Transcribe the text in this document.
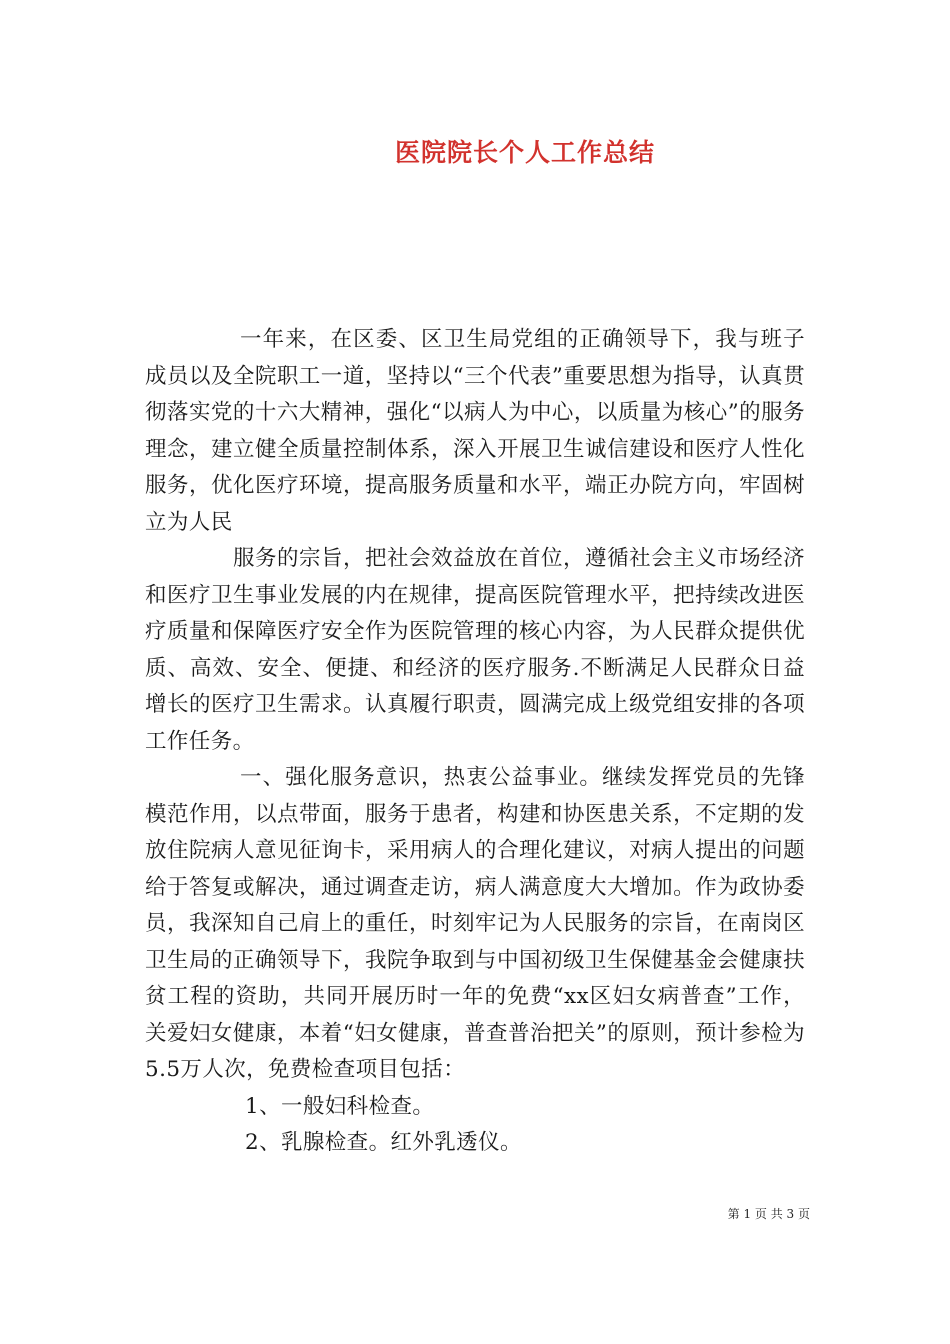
医院院长个人工作总结

一年来，在区委、区卫生局党组的正确领导下，我与班子成员以及全院职工一道，坚持以“三个代表”重要思想为指导，认真贯彻落实党的十六大精神，强化“以病人为中心，以质量为核心”的服务理念，建立健全质量控制体系，深入开展卫生诚信建设和医疗人性化服务，优化医疗环境，提高服务质量和水平，端正办院方向，牢固树立为人民

服务的宗旨，把社会效益放在首位，遵循社会主义市场经济和医疗卫生事业发展的内在规律，提高医院管理水平，把持续改进医疗质量和保障医疗安全作为医院管理的核心内容，为人民群众提供优质、高效、安全、便捷、和经济的医疗服务.不断满足人民群众日益增长的医疗卫生需求。认真履行职责，圆满完成上级党组安排的各项工作任务。

一、强化服务意识，热衷公益事业。继续发挥党员的先锋模范作用，以点带面，服务于患者，构建和协医患关系，不定期的发放住院病人意见征询卡，采用病人的合理化建议，对病人提出的问题给于答复或解决，通过调查走访，病人满意度大大增加。作为政协委员，我深知自己肩上的重任，时刻牢记为人民服务的宗旨，在南岗区卫生局的正确领导下，我院争取到与中国初级卫生保健基金会健康扶贫工程的资助，共同开展历时一年的免费“xx区妇女病普查”工作，关爱妇女健康，本着“妇女健康，普查普治把关”的原则，预计参检为5.5万人次，免费检查项目包括：

1、一般妇科检查。

2、乳腺检查。红外乳透仪。

第 1 页 共 3 页
